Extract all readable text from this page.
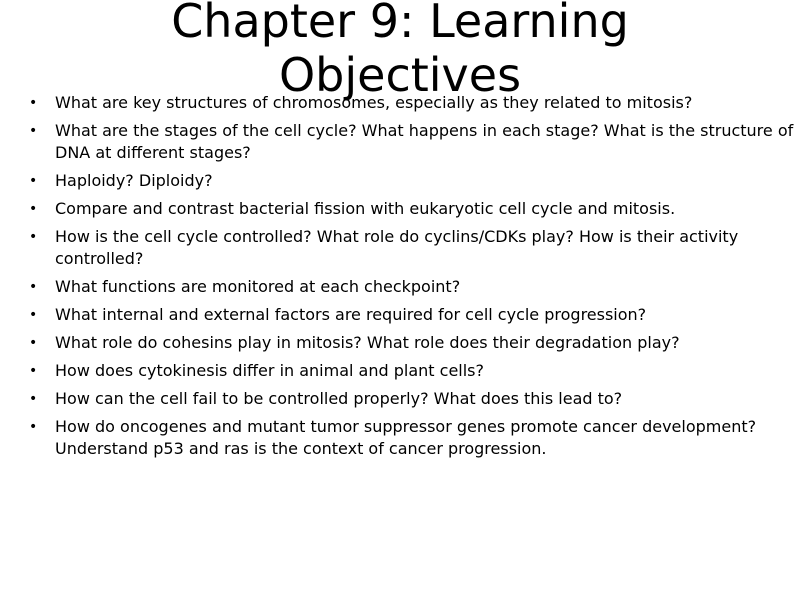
Chapter 9: Learning Objectives
• What are key structures of chromosomes, especially as they related to mitosis?
• What are the stages of the cell cycle? What happens in each stage? What is the structure of DNA at different stages?
• Haploidy? Diploidy?
• Compare and contrast bacterial fission with eukaryotic cell cycle and mitosis.
• How is the cell cycle controlled? What role do cyclins/CDKs play? How is their activity controlled?
• What functions are monitored at each checkpoint?
• What internal and external factors are required for cell cycle progression?
• What role do cohesins play in mitosis? What role does their degradation play?
• How does cytokinesis differ in animal and plant cells?
• How can the cell fail to be controlled properly? What does this lead to?
• How do oncogenes and mutant tumor suppressor genes promote cancer development? Understand p53 and ras is the context of cancer progression.
